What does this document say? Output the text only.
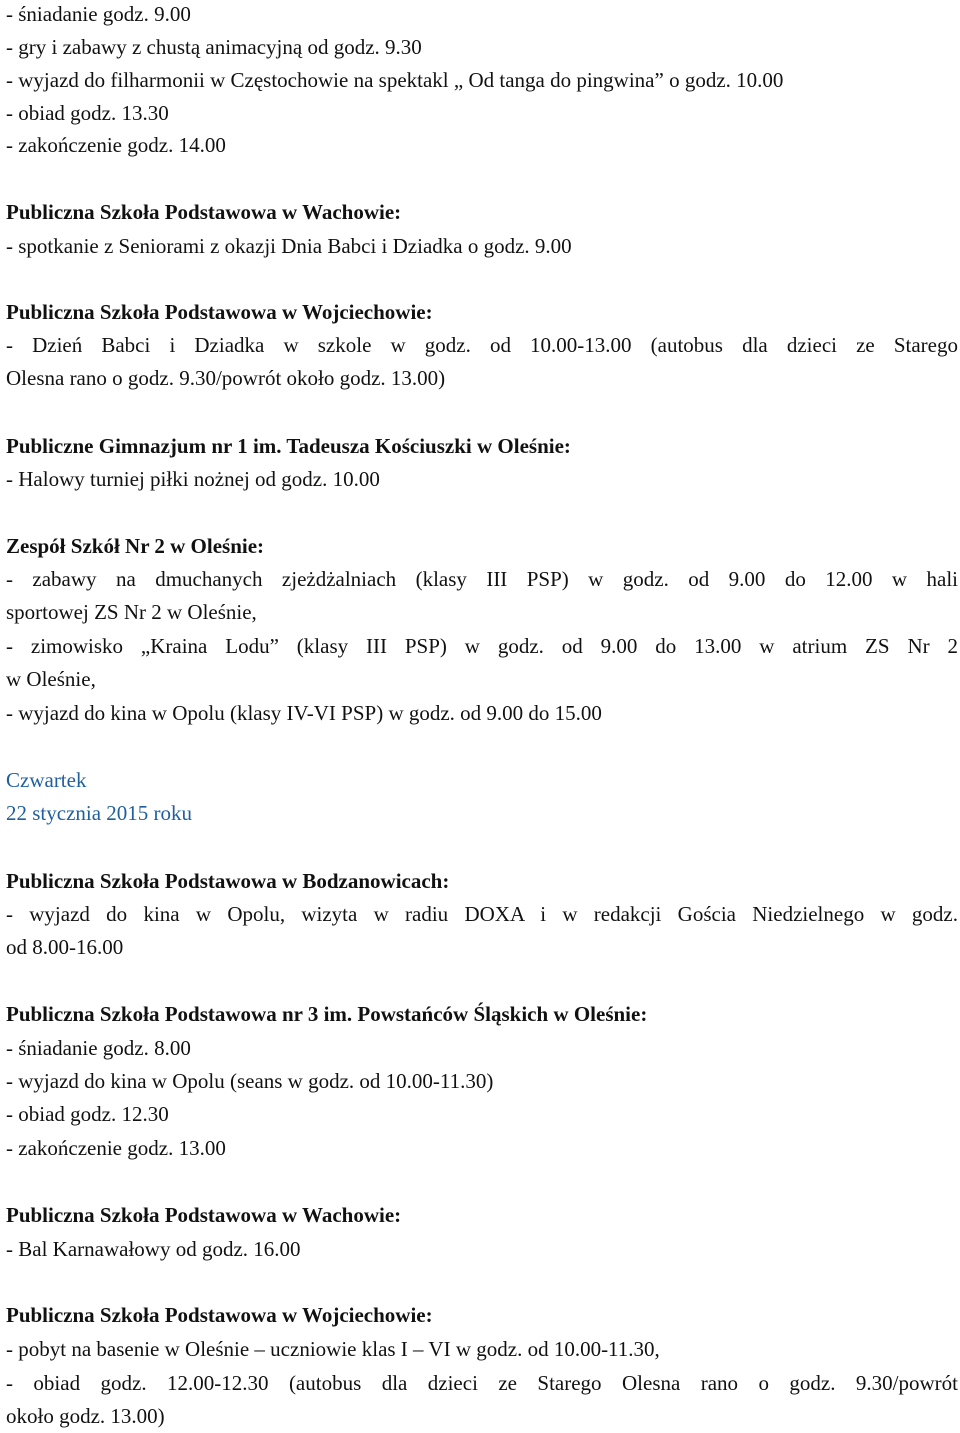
- śniadanie godz. 9.00
- gry i zabawy z chustą animacyjną od godz. 9.30
- wyjazd do filharmonii w Częstochowie na spektakl „ Od tanga do pingwina” o godz. 10.00
- obiad godz. 13.30
- zakończenie godz. 14.00
Publiczna Szkoła Podstawowa w Wachowie:
- spotkanie z Seniorami z okazji Dnia Babci i Dziadka o godz. 9.00
Publiczna Szkoła Podstawowa w Wojciechowie:
- Dzień Babci i Dziadka w szkole w godz. od 10.00-13.00 (autobus dla dzieci ze Starego
Olesna rano o godz. 9.30/powrót około godz. 13.00)
Publiczne Gimnazjum nr 1 im. Tadeusza Kościuszki w Oleśnie:
- Halowy turniej piłki nożnej od godz. 10.00
Zespół Szkół Nr 2 w Oleśnie:
- zabawy na dmuchanych zjeżdżalniach (klasy III PSP) w godz. od 9.00 do 12.00 w hali
sportowej ZS Nr 2 w Oleśnie,
- zimowisko „Kraina Lodu” (klasy III PSP) w godz. od 9.00 do 13.00 w atrium ZS Nr 2
w Oleśnie,
- wyjazd do kina w Opolu (klasy IV-VI PSP) w godz. od 9.00 do 15.00
Czwartek
22 stycznia 2015 roku
Publiczna Szkoła Podstawowa w Bodzanowicach:
- wyjazd do kina w Opolu, wizyta w radiu DOXA i w redakcji Gościa Niedzielnego w godz.
od 8.00-16.00
Publiczna Szkoła Podstawowa nr 3 im. Powstańców Śląskich w Oleśnie:
- śniadanie godz. 8.00
- wyjazd do kina w Opolu (seans w godz. od 10.00-11.30)
- obiad godz. 12.30
- zakończenie godz. 13.00
Publiczna Szkoła Podstawowa w Wachowie:
- Bal Karnawałowy od godz. 16.00
Publiczna Szkoła Podstawowa w Wojciechowie:
- pobyt na basenie w Oleśnie – uczniowie klas I – VI w godz. od 10.00-11.30,
- obiad godz. 12.00-12.30 (autobus dla dzieci ze Starego Olesna rano o godz. 9.30/powrót
około godz. 13.00)
